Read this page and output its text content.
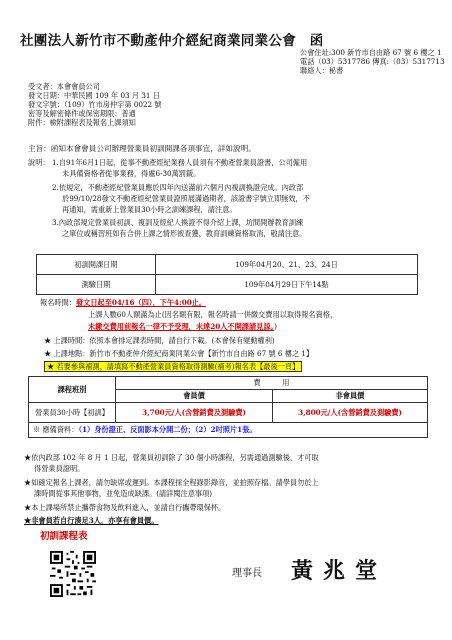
社團法人新竹市不動產仲介經紀商業同業公會　函
公會住址:300 新竹市自由路 67 號 6 樓之 1
電話（03）5317786 傳真:（03）5317713
聯絡人：秘書
受文者：本會會員公司
發文日期：中華民國 109 年 03 月 31 日
發文字號：（109）竹市房仲字第 0022 號
密等及解密條件或保密期限：普通
附件：檢附課程表及報名上課須知
主旨：函知本會會員公司辦理營業員初訓開課各項事宜，詳如說明。
說明： 1.自91年6月1日起，從事不動產經紀業務人員須有不動產營業員證書，公司僱用
未具備資格者從事業務，得處6-30萬罰鍰。
2.依規定，不動產經紀營業員應於四年內送滿前六個月內複訓換證完成。內政部
於99/10/28發文不動產經紀營業員證照展滿過期者，該證書字號立即無效，不
再通知，需重新上營業員30小時之訓練課程，請注意。
3.內政部規定營業員初訓、複訓及經紀人換證不得介紹上課，坊間開辦教育訓練
之單位或稱習班如有合併上課之情形被查獲，教育訓練資格取消，敬請注意。
初訓開課日期	109年04月20、21、23、24日
測驗日期	109年04月29日下午14點
報名時間：發文日起至04/16（四），下午4:00止。
上課人數60人額滿為止(因名額有限，報名時請一併繳交費用以取得報名資格，
未繳交費用前報名一律不予受理，未達20人不開課請見諒。)
★ 上課時間：依照本會排定課表時間，請自行下載。(本會保有變動權利)
★ 上課地點：新竹市不動產仲介經紀商業同業公會【新竹市自由路 67 號 6 樓之 1】
★ 若要參與補測，請填寫不動產營業員資格取得測驗(補考)報名表【最後一頁】
課程班別	費　　　用	
	會員價	非會員價
營業員30小時【初訓】	3,700元/人(含營銷費及測驗費)	3,800元/人(含營銷費及測驗費)
※ 應備資料：（1）身份證正、反面影本分開二份；（2）2吋照片1張。		
★依內政部 102 年 8 月 1 日起，營業員初訓除了 30 個小時課程，另需通過測驗後，才可取
得營業員證明。
★如確定報名上課者，請勿缺席或遲到。本課程採全程錄影錄音，並拍照存檔。請學員勿於上
課時間從事其他事物，並免造成缺課。(請詳閱注意事項)
★本上課場所禁止攜帶食物及飲料進入，並請自行攜帶環保杯。
★非會員若自行湊足3人，亦享有會員價。
初訓課程表
理事長 黃兆堂
